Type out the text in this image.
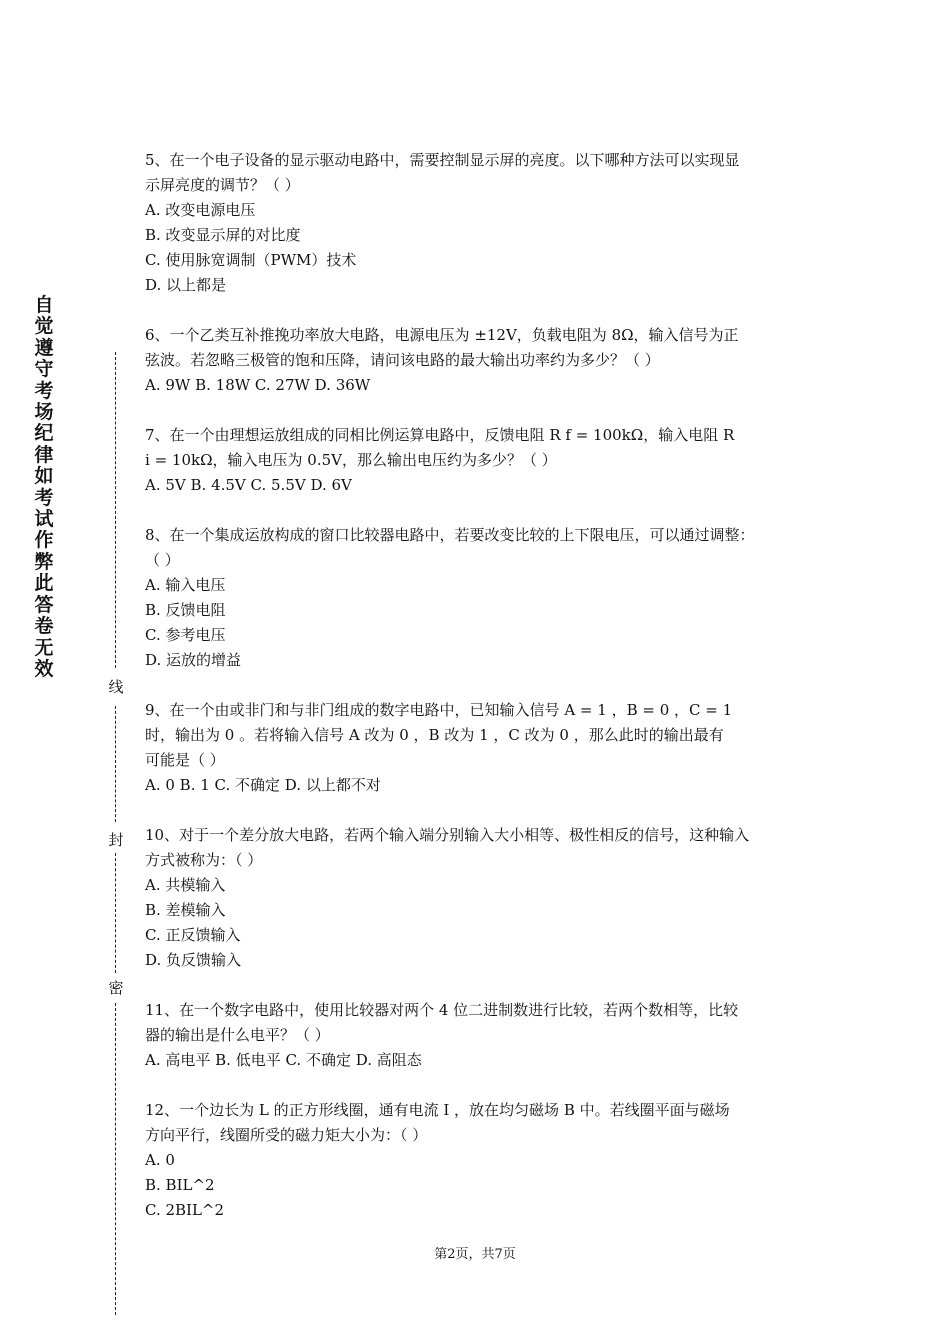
自觉遵守考场纪律如考试作弊此答卷无效
线
封
密
5、在一个电子设备的显示驱动电路中，需要控制显示屏的亮度。以下哪种方法可以实现显
示屏亮度的调节？（ ）
A. 改变电源电压
B. 改变显示屏的对比度
C. 使用脉宽调制（PWM）技术
D. 以上都是
6、一个乙类互补推挽功率放大电路，电源电压为 ±12V，负载电阻为 8Ω，输入信号为正
弦波。若忽略三极管的饱和压降，请问该电路的最大输出功率约为多少？（ ）
A. 9W B. 18W C. 27W D. 36W
7、在一个由理想运放组成的同相比例运算电路中，反馈电阻 R f = 100kΩ，输入电阻 R
i = 10kΩ，输入电压为 0.5V，那么输出电压约为多少？（ ）
A. 5V B. 4.5V C. 5.5V D. 6V
8、在一个集成运放构成的窗口比较器电路中，若要改变比较的上下限电压，可以通过调整：
（ ）
A. 输入电压
B. 反馈电阻
C. 参考电压
D. 运放的增益
9、在一个由或非门和与非门组成的数字电路中，已知输入信号 A = 1 ，B = 0 ，C = 1
时，输出为 0 。若将输入信号 A 改为 0 ，B 改为 1 ，C 改为 0 ，那么此时的输出最有
可能是（ ）
A. 0 B. 1 C. 不确定 D. 以上都不对
10、对于一个差分放大电路，若两个输入端分别输入大小相等、极性相反的信号，这种输入
方式被称为：（ ）
A. 共模输入
B. 差模输入
C. 正反馈输入
D. 负反馈输入
11、在一个数字电路中，使用比较器对两个 4 位二进制数进行比较，若两个数相等，比较
器的输出是什么电平？（ ）
A. 高电平 B. 低电平 C. 不确定 D. 高阻态
12、一个边长为 L 的正方形线圈，通有电流 I ，放在均匀磁场 B 中。若线圈平面与磁场
方向平行，线圈所受的磁力矩大小为：（ ）
A. 0
B. BIL^2
C. 2BIL^2
第2页，共7页
